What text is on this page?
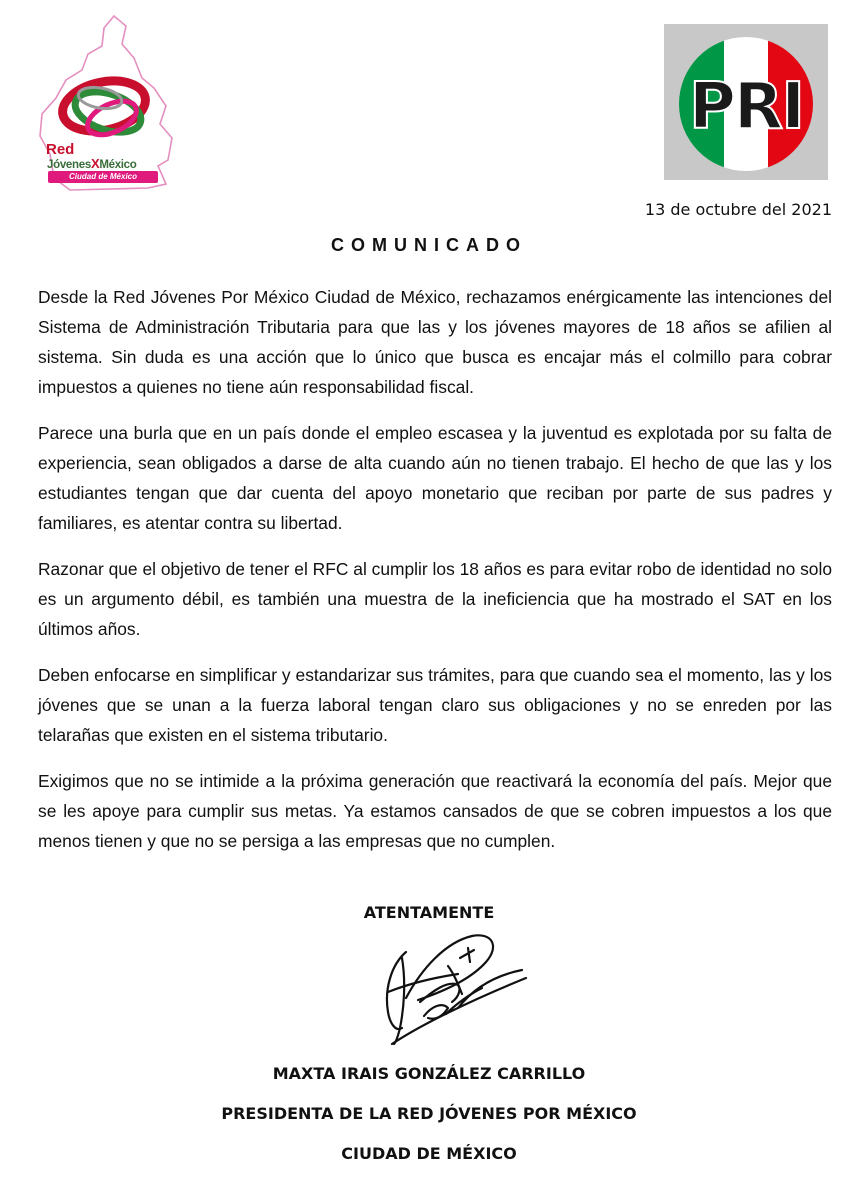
Red
JóvenesXMéxico
Ciudad de México
PRI
13 de octubre del 2021
COMUNICADO

Desde la Red Jóvenes Por México Ciudad de México, rechazamos enérgicamente las intenciones del Sistema de Administración Tributaria para que las y los jóvenes mayores de 18 años se afilien al sistema. Sin duda es una acción que lo único que busca es encajar más el colmillo para cobrar impuestos a quienes no tiene aún responsabilidad fiscal.

Parece una burla que en un país donde el empleo escasea y la juventud es explotada por su falta de experiencia, sean obligados a darse de alta cuando aún no tienen trabajo. El hecho de que las y los estudiantes tengan que dar cuenta del apoyo monetario que reciban por parte de sus padres y familiares, es atentar contra su libertad.

Razonar que el objetivo de tener el RFC al cumplir los 18 años es para evitar robo de identidad no solo es un argumento débil, es también una muestra de la ineficiencia que ha mostrado el SAT en los últimos años.

Deben enfocarse en simplificar y estandarizar sus trámites, para que cuando sea el momento, las y los jóvenes que se unan a la fuerza laboral tengan claro sus obligaciones y no se enreden por las telarañas que existen en el sistema tributario.

Exigimos que no se intimide a la próxima generación que reactivará la economía del país. Mejor que se les apoye para cumplir sus metas. Ya estamos cansados de que se cobren impuestos a los que menos tienen y que no se persiga a las empresas que no cumplen.

ATENTAMENTE
MAXTA IRAIS GONZÁLEZ CARRILLO
PRESIDENTA DE LA RED JÓVENES POR MÉXICO
CIUDAD DE MÉXICO
